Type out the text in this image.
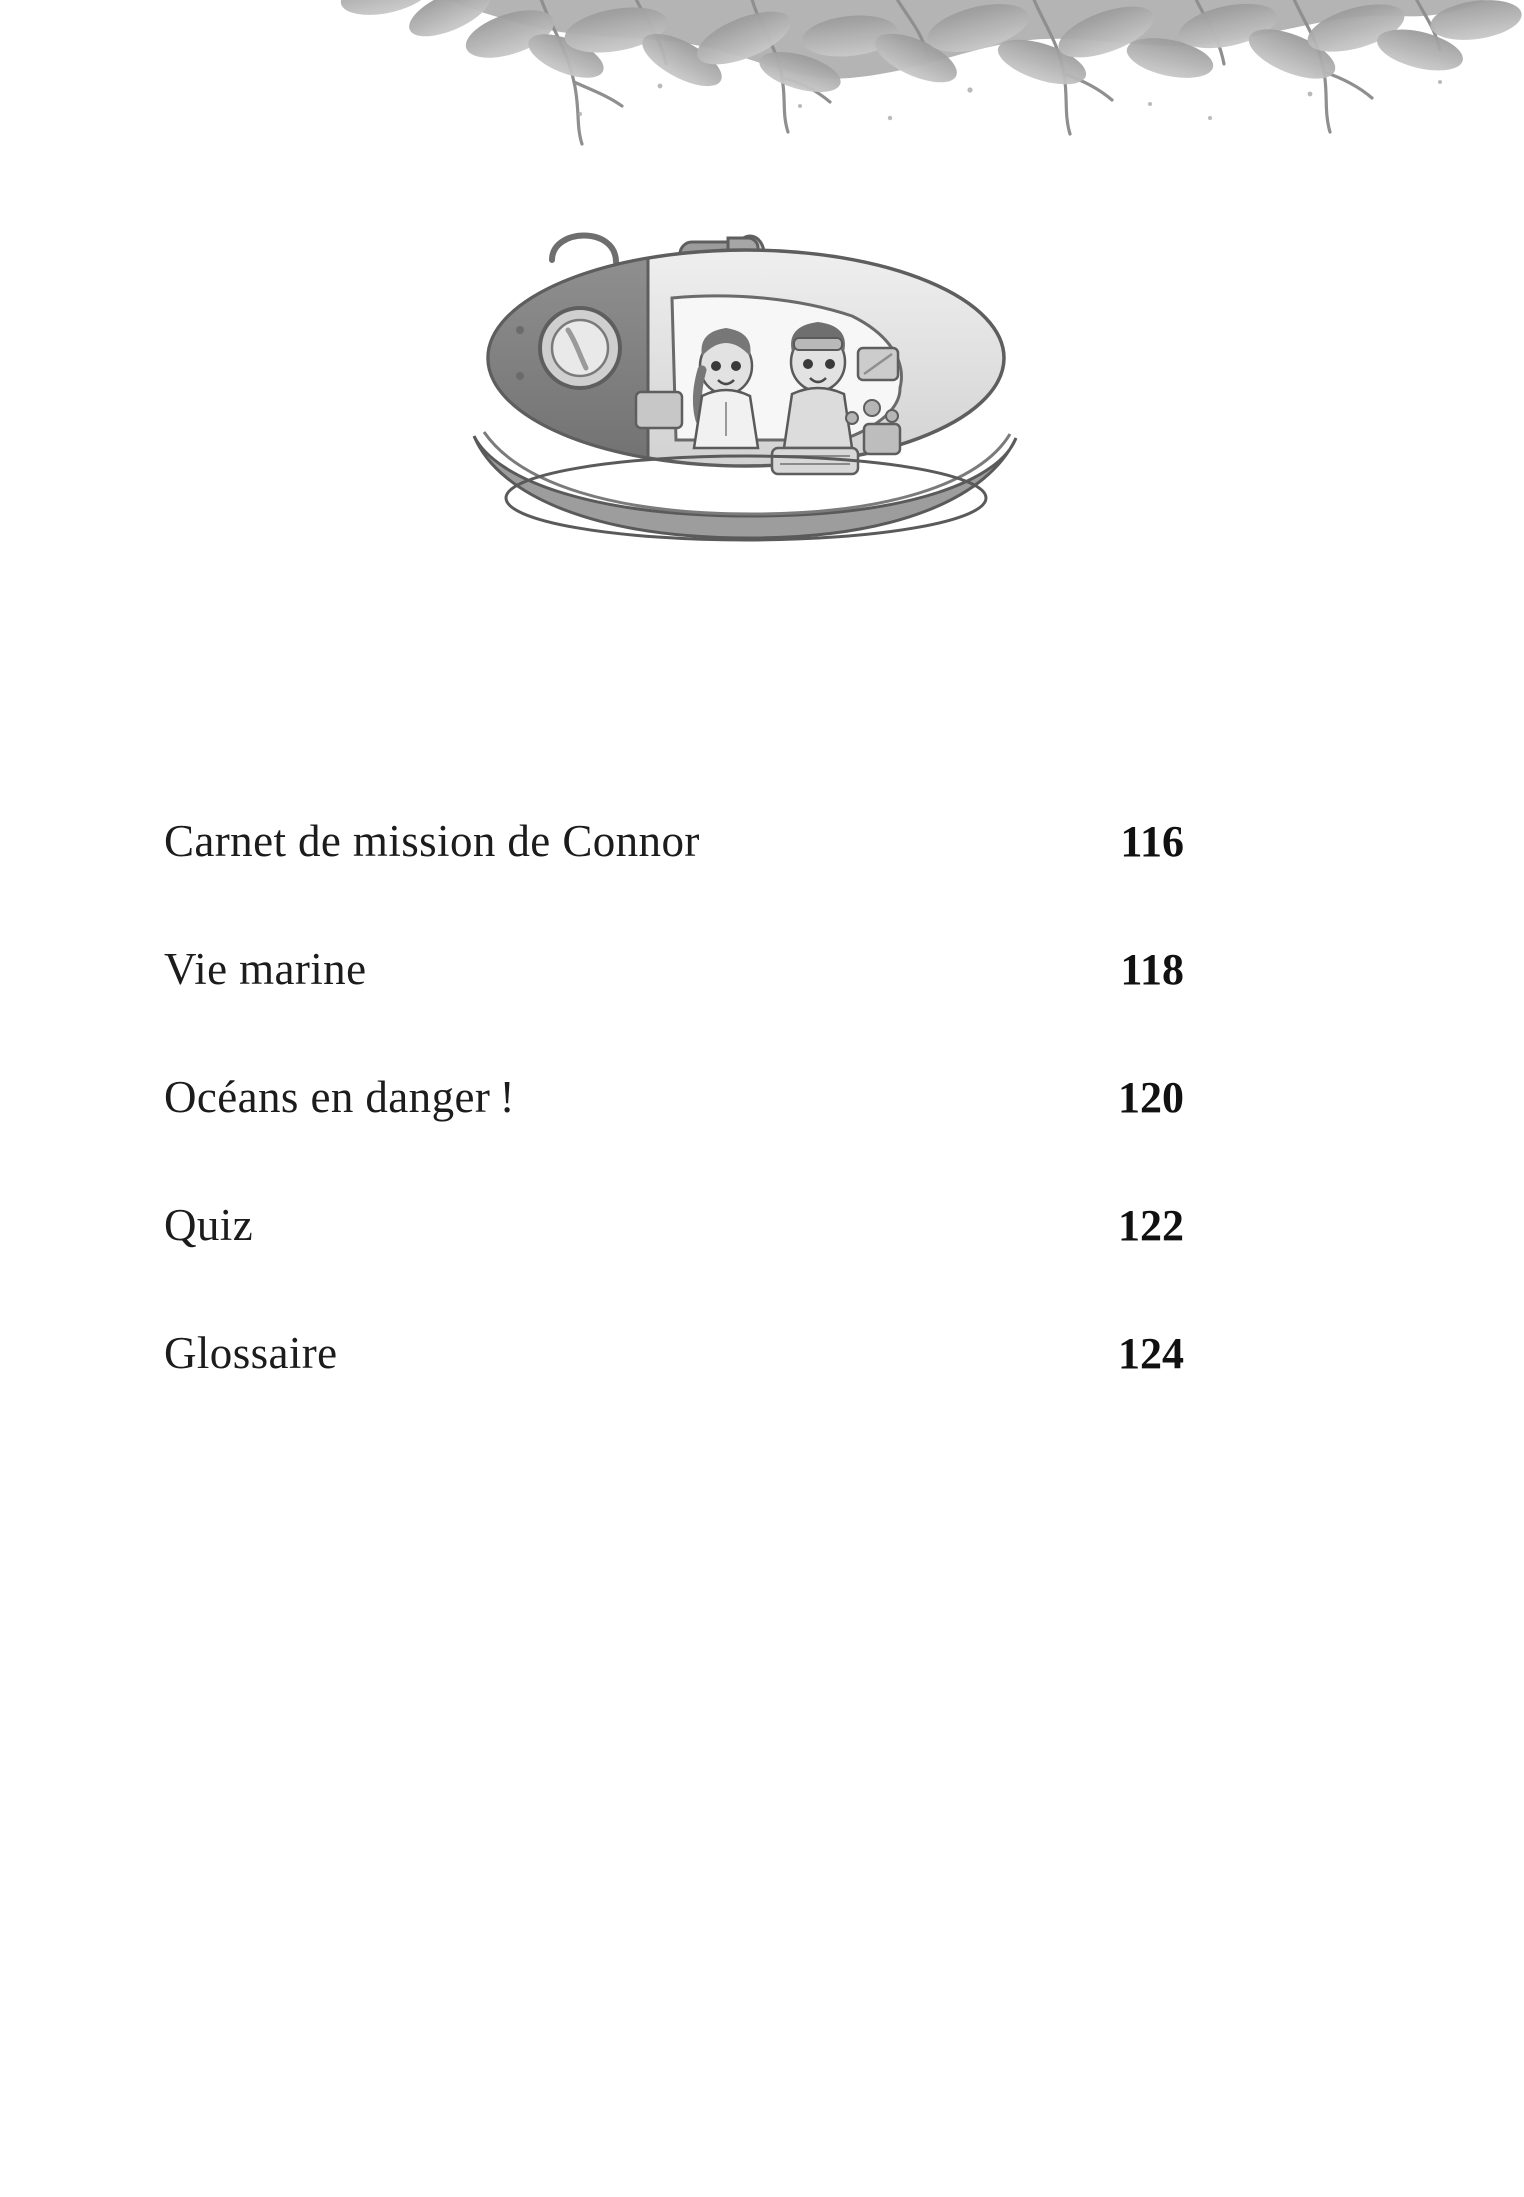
Carnet de mission de Connor	116
Vie marine	118
Océans en danger !	120
Quiz	122
Glossaire	124
